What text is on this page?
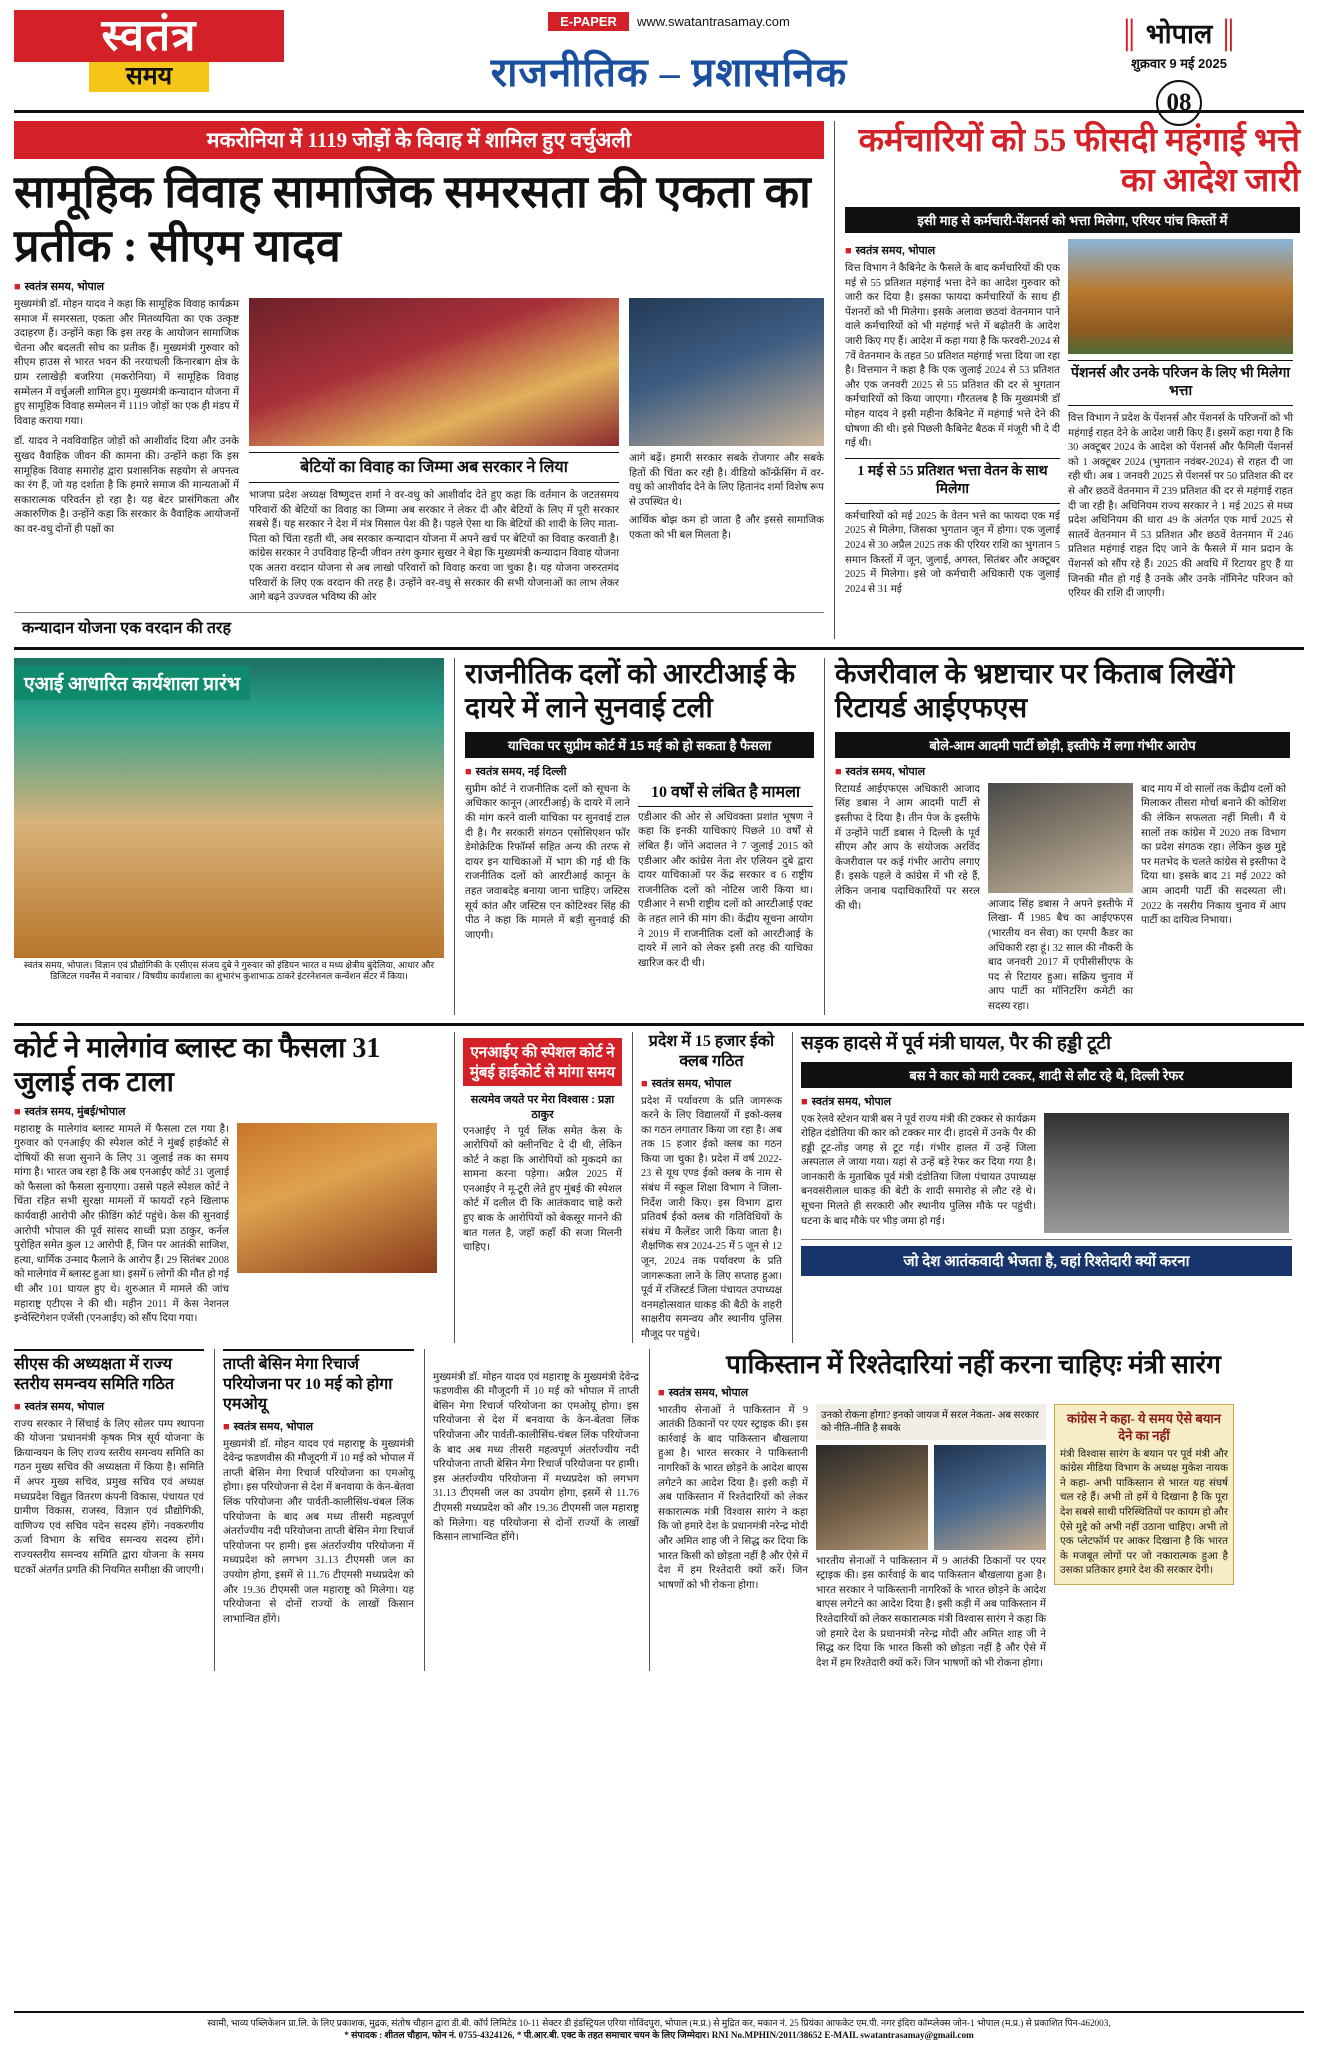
स्वतंत्र
समय
E-PAPER	www.swatantrasamay.com
राजनीतिक – प्रशासनिक
║ भोपाल ║
शुक्रवार 9 मई 2025
08
मकरोनिया में 1119 जोड़ों के विवाह में शामिल हुए वर्चुअली
सामूहिक विवाह सामाजिक समरसता की एकता का प्रतीक : सीएम यादव
■ स्वतंत्र समय, भोपाल
मुख्यमंत्री डॉ. मोहन यादव ने कहा कि सामूहिक विवाह कार्यक्रम समाज में समरसता, एकता और मितव्ययिता का एक उत्कृष्ट उदाहरण हैं। उन्होंने कहा कि इस तरह के आयोजन सामाजिक चेतना और बदलती सोच का प्रतीक हैं। मुख्यमंत्री गुरुवार को सीएम हाउस से भारत भवन की नरयाचली किनारबाग क्षेत्र के ग्राम रलाखेड़ी बजरिया (मकरोनिया) में सामूहिक विवाह सम्मेलन में वर्चुअली शामिल हुए। मुख्यमंत्री कन्यादान योजना में हुए सामूहिक विवाह सम्मेलन में 1119 जोड़ों का एक ही मंडप में विवाह कराया गया।
डॉ. यादव ने नवविवाहित जोड़ों को आशीर्वाद दिया और उनके सुखद वैवाहिक जीवन की कामना की। उन्होंने कहा कि इस सामूहिक विवाह समारोह द्वारा प्रशासनिक सहयोग से अपनत्व का रंग हैं, जो यह दर्शाता है कि हमारे समाज की मान्यताओं में सकारात्मक परिवर्तन हो रहा है। यह बेटर प्रासंगिकता और अकारुणिक है। उन्होंने कहा कि सरकार के वैवाहिक आयोजनों का वर-वधु दोनों ही पक्षों का
बेटियों का विवाह का जिम्मा अब सरकार ने लिया
भाजपा प्रदेश अध्यक्ष विष्णुदत्त शर्मा ने वर-वधु को आशीर्वाद देते हुए कहा कि वर्तमान के जटतसमय परिवारों की बेटियों का विवाह का जिम्मा अब सरकार ने लेकर दी और बेटियों के लिए में पूरी सरकार सबसे हैं। यह सरकार ने देश में मंत्र मिसाल पेश की है। पहले ऐसा था कि बेटियों की शादी के लिए माता-पिता को चिंता रहती थी, अब सरकार कन्यादान योजना में अपने खर्च पर बेटियों का विवाह करवाती है। कांग्रेस सरकार ने उपविवाह हिन्दी जीवन तरंग कुमार सुखर ने बेहा कि मुख्यमंत्री कन्यादान विवाह योजना एक अतरा वरदान योजना से अब लाखो परिवारों को विवाह करवा जा चुका है। यह योजना जरुरतमंद परिवारों के लिए एक वरदान की तरह है। उन्होंने वर-वधु से सरकार की सभी योजनाओं का लाभ लेकर आगे बढ़ने उज्ज्वल भविष्य की ओर
आगे बढ़ें। हमारी सरकार सबके रोजगार और सबके हितों की चिंता कर रही है। वीडियो कॉन्फ्रेंसिंग में वर-वधु को आशीर्वाद देने के लिए हितानंद शर्मा विशेष रूप से उपस्थित थे।
आर्थिक बोझ कम हो जाता है और इससे सामाजिक एकता को भी बल मिलता है।
कन्यादान योजना एक वरदान की तरह
कर्मचारियों को 55 फीसदी महंगाई भत्ते का आदेश जारी
इसी माह से कर्मचारी-पेंशनर्स को भत्ता मिलेगा, एरियर पांच किस्तों में
■ स्वतंत्र समय, भोपाल
वित्त विभाग ने कैबिनेट के फैसले के बाद कर्मचारियों की एक मई से 55 प्रतिशत महंगाई भत्ता देने का आदेश गुरुवार को जारी कर दिया है। इसका फायदा कर्मचारियों के साथ ही पेंशनरों को भी मिलेगा। इसके अलावा छठवां वेतनमान पाने वाले कर्मचारियों को भी महंगाई भत्ते में बढ़ोतरी के आदेश जारी किए गए हैं। आदेश में कहा गया है कि फरवरी-2024 से 7वें वेतनमान के तहत 50 प्रतिशत महंगाई भत्ता दिया जा रहा है। वित्तमान ने कहा है कि एक जुलाई 2024 से 53 प्रतिशत और एक जनवरी 2025 से 55 प्रतिशत की दर से भुगतान कर्मचारियों को किया जाएगा। गौरतलब है कि मुख्यमंत्री डॉ मोहन यादव ने इसी महीना कैबिनेट में महंगाई भत्ते देने की घोषणा की थी। इसे पिछली कैबिनेट बैठक में मंजूरी भी दे दी गई थी।
1 मई से 55 प्रतिशत भत्ता वेतन के साथ मिलेगा
कर्मचारियों को मई 2025 के वेतन भत्ते का फायदा एक मई 2025 से मिलेगा, जिसका भुगतान जून में होगा। एक जुलाई 2024 से 30 अप्रैल 2025 तक की एरियर राशि का भुगतान 5 समान किस्तों में जून, जुलाई, अगस्त, सितंबर और अक्टूबर 2025 में मिलेगा। इसे जो कर्मचारी अधिकारी एक जुलाई 2024 से 31 मई
पेंशनर्स और उनके परिजन के लिए भी मिलेगा भत्ता
वित्त विभाग ने प्रदेश के पेंशनर्स और पेंशनर्स के परिजनों को भी महंगाई राहत देने के आदेश जारी किए हैं। इसमें कहा गया है कि 30 अक्टूबर 2024 के आदेश को पेंशनर्स और फैमिली पेंशनर्स को 1 अक्टूबर 2024 (भुगतान नवंबर-2024) से राहत दी जा रही थी। अब 1 जनवरी 2025 से पेंशनर्स पर 50 प्रतिशत की दर से और छठवें वेतनमान में 239 प्रतिशत की दर से महंगाई राहत दी जा रही है। अधिनियम राज्य सरकार ने 1 मई 2025 से मध्य प्रदेश अधिनियम की धारा 49 के अंतर्गत एक मार्च 2025 से सातवें वेतनमान में 53 प्रतिशत और छठवें वेतनमान में 246 प्रतिशत महंगाई राहत दिए जाने के फैसले में मान प्रदान के पेंशनर्स को सौंप रहे हैं। 2025 की अवधि में रिटायर हुए हैं या जिनकी मौत हो गई है उनके और उनके नॉमिनेट परिजन को एरियर की राशि दी जाएगी।
एआई आधारित कार्यशाला प्रारंभ
स्वतंत्र समय, भोपाल। विज्ञान एवं प्रौद्योगिकी के एसीएस संजय दुबे ने गुरुवार को इंडियन भारत व मध्य क्षेत्रीय बुंदेलिया, आधार और डिजिटल गवर्नेंस में नवाचार / विषयीय कार्यशाला का शुभारंभ कुशाभाऊ ठाकरे इंटरनेशनल कन्वेंशन सेंटर में किया।
राजनीतिक दलों को आरटीआई के दायरे में लाने सुनवाई टली
याचिका पर सुप्रीम कोर्ट में 15 मई को हो सकता है फैसला
■ स्वतंत्र समय, नई दिल्ली
सुप्रीम कोर्ट ने राजनीतिक दलों को सूचना के अधिकार कानून (आरटीआई) के दायरे में लाने की मांग करने वाली याचिका पर सुनवाई टाल दी है। गैर सरकारी संगठन एसोसिएशन फॉर डेमोक्रेटिक रिफॉर्म्स सहित अन्य की तरफ से दायर इन याचिकाओं में भाग की गई थी कि राजनीतिक दलों को आरटीआई कानून के तहत जवाबदेह बनाया जाना चाहिए। जस्टिस सूर्य कांत और जस्टिस एन कोटिश्वर सिंह की पीठ ने कहा कि मामले में बड़ी सुनवाई की जाएगी।
10 वर्षों से लंबित है मामला
एडीआर की ओर से अधिवक्ता प्रशांत भूषण ने कहा कि इनकी याचिकाएं पिछले 10 वर्षों से लंबित हैं। जोंने अदालत ने 7 जुलाई 2015 को एडीआर और कांग्रेस नेता शेर एलियन दुबे द्वारा दायर याचिकाओं पर केंद्र सरकार व 6 राष्ट्रीय राजनीतिक दलों को नोटिस जारी किया था। एडीआर ने सभी राष्ट्रीय दलों को आरटीआई एक्ट के तहत लाने की मांग की। केंद्रीय सूचना आयोग ने 2019 में राजनीतिक दलों को आरटीआई के दायरे में लाने को लेकर इसी तरह की याचिका खारिज कर दी थी।
केजरीवाल के भ्रष्टाचार पर किताब लिखेंगे रिटायर्ड आईएफएस
बोले-आम आदमी पार्टी छोड़ी, इस्तीफे में लगा गंभीर आरोप
■ स्वतंत्र समय, भोपाल
रिटायर्ड आईएफएस अधिकारी आजाद सिंह डबास ने आम आदमी पार्टी से इस्तीफा दे दिया है। तीन पेज के इस्तीफे में उन्होंने पार्टी डबास ने दिल्ली के पूर्व सीएम और आप के संयोजक अरविंद केजरीवाल पर कई गंभीर आरोप लगाए हैं। इसके पहले वे कांग्रेस में भी रहे हैं, लेकिन जनाब पदाधिकारियों पर सरल की थी।	आजाद सिंह डबास ने अपने इस्तीफे में लिखा- मैं 1985 बैच का आईएफएस (भारतीय वन सेवा) का एमपी कैडर का अधिकारी रहा हूं। 32 साल की नौकरी के बाद जनवरी 2017 में एपीसीसीएफ के पद से रिटायर हुआ। सक्रिय चुनाव में आप पार्टी का मॉनिटरिंग कमेटी का सदस्य रहा।
बाद माय में वो सालों तक केंद्रीय दलों को मिलाकर तीसरा मोर्चा बनाने की कोशिश की लेकिन सफलता नहीं मिली। मैं ये सालों तक कांग्रेस में 2020 तक विभाग का प्रदेश संगठक रहा। लेकिन कुछ मुद्दे पर मतभेद के चलते कांग्रेस से इस्तीफा दे दिया था। इसके बाद 21 मई 2022 को आम आदमी पार्टी की सदस्यता ली। 2022 के नसरीय निकाय चुनाव में आप पार्टी का दायित्व निभाया।
कोर्ट ने मालेगांव ब्लास्ट का फैसला 31 जुलाई तक टाला
■ स्वतंत्र समय, मुंबई/भोपाल
महाराष्ट्र के मालेगांव ब्लास्ट मामले में फैसला टल गया है। गुरुवार को एनआईए की स्पेशल कोर्ट ने मुंबई हाईकोर्ट से दोषियों की सजा सुनाने के लिए 31 जुलाई तक का समय मांगा है। भारत जब रहा है कि अब एनआईए कोर्ट 31 जुलाई को फैसला को फैसला सुनाएगा। उससे पहले स्पेशल कोर्ट ने चिंता रहित सभी सुरक्षा मामलों में फायदों रहने खिलाफ कार्यवाही आरोपी और फ़ीडिंग कोर्ट पहुंचे। केस की सुनवाई आरोपी भोपाल की पूर्व सांसद साध्वी प्रज्ञा ठाकुर, कर्नल पुरोहित समेत कुल 12 आरोपी हैं, जिन पर आतंकी साजिश, हत्या, धार्मिक उन्माद फैलाने के आरोप हैं। 29 सितंबर 2008 को मालेगांव में ब्लास्ट हुआ था। इसमें 6 लोगों की मौत हो गई थी और 101 घायल हुए थे। शुरुआत में मामले की जांच महाराष्ट्र एटीएस ने की थी। महीन 2011 में केस नेशनल इन्वेस्टिगेशन एजेंसी (एनआईए) को सौंप दिया गया।
एनआईए की स्पेशल कोर्ट ने मुंबई हाईकोर्ट से मांगा समय
सत्यमेव जयते पर मेरा विश्वास : प्रज्ञा ठाकुर
एनआईए ने पूर्व लिंक समेत केस के आरोपियों को क्लीनचिट दे दी थी, लेकिन कोर्ट ने कहा कि आरोपियों को मुकदमे का सामना करना पड़ेगा। अप्रैल 2025 में एनआईए ने मू-टूरी लेते हुए मुंबई की स्पेशल कोर्ट में दलील दी कि आतंकवाद चाहे करो हुए बाक के आरोपियों को बेकसूर मानने की बात गलत है, जहाँ कहाँ की सजा मिलनी चाहिए।
प्रदेश में 15 हजार ईको क्लब गठित
■ स्वतंत्र समय, भोपाल
प्रदेश में पर्यावरण के प्रति जागरूक करने के लिए विद्यालयों में इको-क्लब का गठन लगातार किया जा रहा है। अब तक 15 हजार ईको क्लब का गठन किया जा चुका है। प्रदेश में वर्ष 2022-23 से यूथ एण्ड ईको क्लब के नाम से संबंध में स्कूल शिक्षा विभाग ने जिला-निर्देश जारी किए। इस विभाग द्वारा प्रतिवर्ष ईको क्लब की गतिविधियों के संबंध में कैलेंडर जारी किया जाता है। शैक्षणिक सत्र 2024-25 में 5 जून से 12 जून, 2024 तक पर्यावरण के प्रति जागरूकता लाने के लिए सप्ताह हुआ। पूर्व में रजिस्टर्ड जिला पंचायत उपाध्यक्ष वनमहोत्सवात धाकड़ की बैठी के शहरी साक्षरीय समन्वय और स्थानीय पुलिस मौजूद पर पहुंचे।
सड़क हादसे में पूर्व मंत्री घायल, पैर की हड्डी टूटी
बस ने कार को मारी टक्कर, शादी से लौट रहे थे, दिल्ली रेफर
■ स्वतंत्र समय, भोपाल
एक रेलवे स्टेशन यात्री बस ने पूर्व राज्य मंत्री की टक्कर से कार्यक्रम रोहित दंडोतिया की कार को टक्कर मार दी। हादसे में उनके पैर की हड्डी टूट-तोड़ जगह से टूट गई। गंभीर हालत में उन्हें जिला अस्पताल ले जाया गया। यहां से उन्हें बड़े रेफर कर दिया गया है। जानकारी के मुताबिक पूर्व मंत्री दंडोतिया जिला पंचायत उपाध्यक्ष बनवसंरीलाल धाकड़ की बेटी के शादी समारोह से लौट रहे थे। सूचना मिलते ही सरकारी और स्थानीय पुलिस मौके पर पहुंची। घटना के बाद मौके पर भीड़ जमा हो गई।
जो देश आतंकवादी भेजता है, वहां रिश्तेदारी क्यों करना
सीएस की अध्यक्षता में राज्य स्तरीय समन्वय समिति गठित
■ स्वतंत्र समय, भोपाल
राज्य सरकार ने सिंचाई के लिए सोलर पम्प स्थापना की योजना 'प्रधानमंत्री कृषक मित्र सूर्य योजना' के क्रियान्वयन के लिए राज्य स्तरीय समन्वय समिति का गठन मुख्य सचिव की अध्यक्षता में किया है। समिति में अपर मुख्य सचिव, प्रमुख सचिव एवं अध्यक्ष मध्यप्रदेश विद्युत वितरण कंपनी विकास, पंचायत एवं ग्रामीण विकास, राजस्व, विज्ञान एवं प्रौद्योगिकी, वाणिज्य एवं सचिव पदेन सदस्य होंगे। नवकरणीय ऊर्जा विभाग के सचिव समन्वय सदस्य होंगे। राज्यस्तरीय समन्वय समिति द्वारा योजना के समय घटकों अंतर्गत प्रगति की नियमित समीक्षा की जाएगी।
ताप्ती बेसिन मेगा रिचार्ज परियोजना पर 10 मई को होगा एमओयू
■ स्वतंत्र समय, भोपाल
मुख्यमंत्री डॉ. मोहन यादव एवं महाराष्ट्र के मुख्यमंत्री देवेन्द्र फडणवीस की मौजूदगी में 10 मई को भोपाल में ताप्ती बेसिन मेगा रिचार्ज परियोजना का एमओयू होगा। इस परियोजना से देश में बनवाया के केन-बेतवा लिंक परियोजना और पार्वती-कालीसिंध-चंबल लिंक परियोजना के बाद अब मध्य तीसरी महत्वपूर्ण अंतर्राज्यीय नदी परियोजना ताप्ती बेसिन मेगा रिचार्ज परियोजना पर हामी। इस अंतर्राज्यीय परियोजना में मध्यप्रदेश को लगभग 31.13 टीएमसी जल का उपयोग होगा, इसमें से 11.76 टीएमसी मध्यप्रदेश को और 19.36 टीएमसी जल महाराष्ट्र को मिलेगा। यह परियोजना से दोनों राज्यों के लाखों किसान लाभान्वित होंगे।
मुख्यमंत्री डॉ. मोहन यादव एवं महाराष्ट्र के मुख्यमंत्री देवेन्द्र फडणवीस की मौजूदगी में 10 मई को भोपाल में ताप्ती बेसिन मेगा रिचार्ज परियोजना का एमओयू होगा। इस परियोजना से देश में बनवाया के केन-बेतवा लिंक परियोजना और पार्वती-कालीसिंध-चंबल लिंक परियोजना के बाद अब मध्य तीसरी महत्वपूर्ण अंतर्राज्यीय नदी परियोजना ताप्ती बेसिन मेगा रिचार्ज परियोजना पर हामी। इस अंतर्राज्यीय परियोजना में मध्यप्रदेश को लगभग 31.13 टीएमसी जल का उपयोग होगा, इसमें से 11.76 टीएमसी मध्यप्रदेश को और 19.36 टीएमसी जल महाराष्ट्र को मिलेगा। यह परियोजना से दोनों राज्यों के लाखों किसान लाभान्वित होंगे।
पाकिस्तान में रिश्तेदारियां नहीं करना चाहिएः मंत्री सारंग
■ स्वतंत्र समय, भोपाल
भारतीय सेनाओं ने पाकिस्तान में 9 आतंकी ठिकानों पर एयर स्ट्राइक की। इस कार्रवाई के बाद पाकिस्तान बौखलाया हुआ है। भारत सरकार ने पाकिस्तानी नागरिकों के भारत छोड़ने के आदेश बाएस लगेटने का आदेश दिया है। इसी कड़ी में अब पाकिस्तान में रिश्तेदारियों को लेकर सकारात्मक मंत्री विश्वास सारंग ने कहा कि जो हमारे देश के प्रधानमंत्री नरेन्द्र मोदी और अमित शाह जी ने सिद्ध कर दिया कि भारत किसी को छोड़ता नहीं है और ऐसे में देश में हम रिश्तेदारी क्यों करें। जिन भाषणों को भी रोकना होगा।
उनको रोकना होगा? इनको जायज में सरल नेकता- अब सरकार को नीति-नीति है सबके
भारतीय सेनाओं ने पाकिस्तान में 9 आतंकी ठिकानों पर एयर स्ट्राइक की। इस कार्रवाई के बाद पाकिस्तान बौखलाया हुआ है। भारत सरकार ने पाकिस्तानी नागरिकों के भारत छोड़ने के आदेश बाएस लगेटने का आदेश दिया है। इसी कड़ी में अब पाकिस्तान में रिश्तेदारियों को लेकर सकारात्मक मंत्री विश्वास सारंग ने कहा कि जो हमारे देश के प्रधानमंत्री नरेन्द्र मोदी और अमित शाह जी ने सिद्ध कर दिया कि भारत किसी को छोड़ता नहीं है और ऐसे में देश में हम रिश्तेदारी क्यों करें। जिन भाषणों को भी रोकना होगा।
कांग्रेस ने कहा- ये समय ऐसे बयान देने का नहीं
मंत्री विश्वास सारंग के बयान पर पूर्व मंत्री और कांग्रेस मीडिया विभाग के अध्यक्ष मुकेश नायक ने कहा- अभी पाकिस्तान से भारत यह संघर्ष चल रहे हैं। अभी तो हमें ये दिखाना है कि पूरा देश सबसे साथी परिस्थितियों पर कायम हो और ऐसे मुद्दे को अभी नहीं उठाना चाहिए। अभी तो एक प्लेटफॉर्म पर आकर दिखाना है कि भारत के मजबूत लोगों पर जो नकारात्मक हुआ है उसका प्रतिकार हमारे देश की सरकार देगी।
स्वामी, भाव्य पब्लिकेशन प्रा.लि. के लिए प्रकाशक, मुद्रक, संतोष चौहान द्वारा डी.बी. कॉर्प लिमिटेड 10-11 सेक्टर डी इंडस्ट्रियल एरिया गोविंदपुरा, भोपाल (म.प्र.) से मुद्रित कर, मकान नं. 25 प्रियंका आफकेट एम.पी. नगर इंदिरा कॉम्प्लेक्स जोन-1 भोपाल (म.प्र.) से प्रकाशित पिन-462003,
* संपादक : शीतल चौहान, फोन नं. 0755-4324126, * पी.आर.बी. एक्ट के तहत समाचार चयन के लिए जिम्मेदार। RNI No.MPHIN/2011/38652 E-MAIL swatantrasamay@gmail.com
